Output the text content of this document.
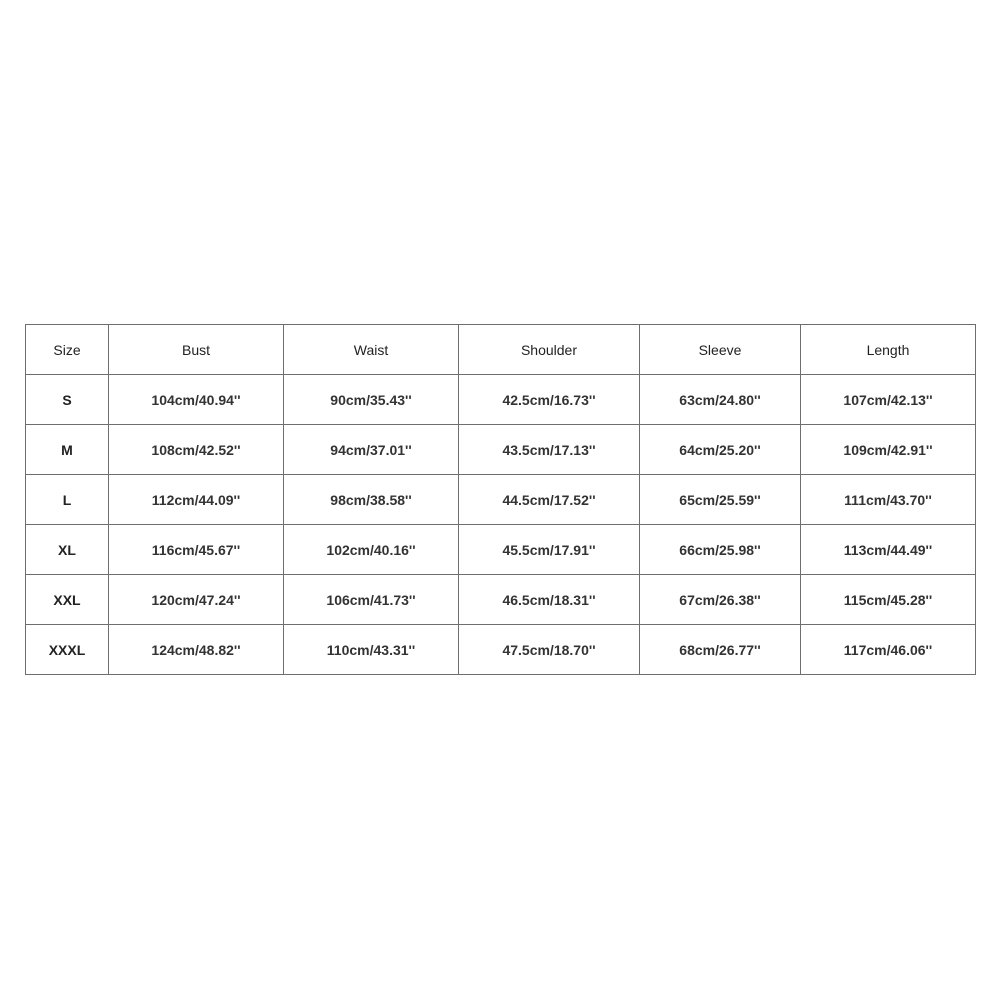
Size	Bust	Waist	Shoulder	Sleeve	Length
S	104cm/40.94''	90cm/35.43''	42.5cm/16.73''	63cm/24.80''	107cm/42.13''
M	108cm/42.52''	94cm/37.01''	43.5cm/17.13''	64cm/25.20''	109cm/42.91''
L	112cm/44.09''	98cm/38.58''	44.5cm/17.52''	65cm/25.59''	111cm/43.70''
XL	116cm/45.67''	102cm/40.16''	45.5cm/17.91''	66cm/25.98''	113cm/44.49''
XXL	120cm/47.24''	106cm/41.73''	46.5cm/18.31''	67cm/26.38''	115cm/45.28''
XXXL	124cm/48.82''	110cm/43.31''	47.5cm/18.70''	68cm/26.77''	117cm/46.06''
